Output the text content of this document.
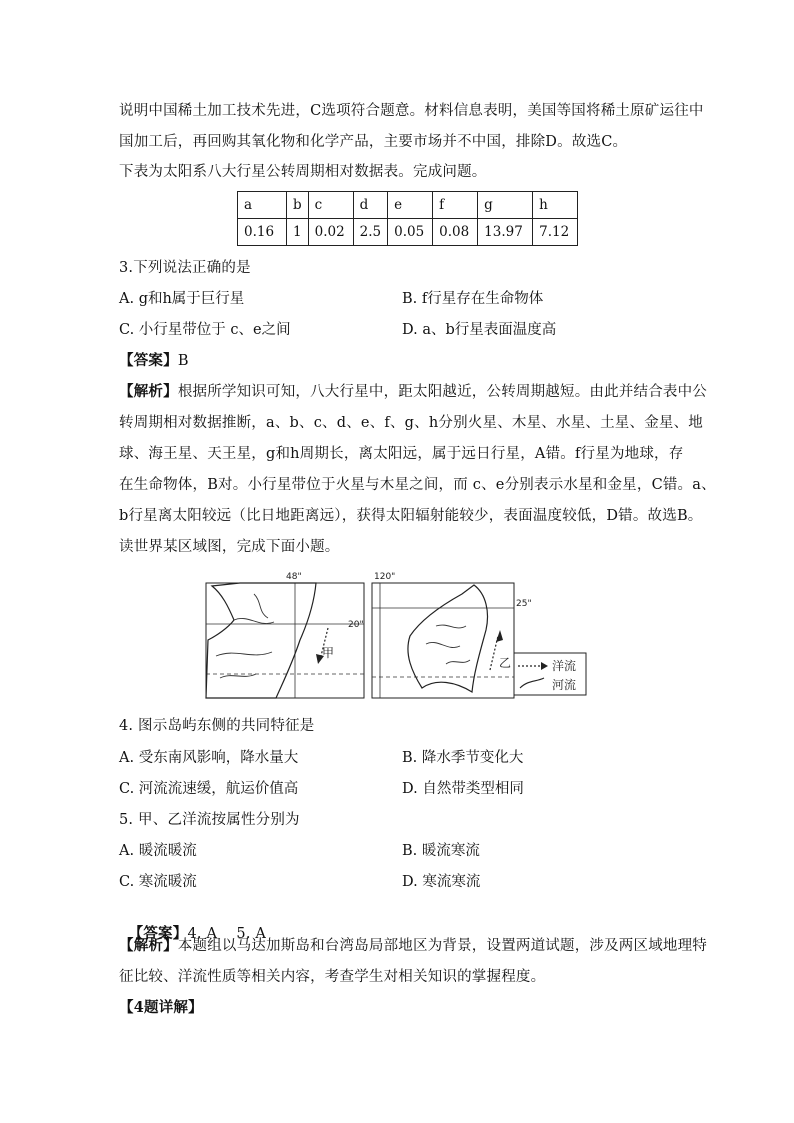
说明中国稀土加工技术先进，C选项符合题意。材料信息表明，美国等国将稀土原矿运往中
国加工后，再回购其氧化物和化学产品，主要市场并不中国，排除D。故选C。
下表为太阳系八大行星公转周期相对数据表。完成问题。
a	b	c	d	e	f	g	h
0.16	1	0.02	2.5	0.05	0.08	13.97	7.12
3.下列说法正确的是
A. g和h属于巨行星	B. f行星存在生命物体
C. 小行星带位于 c、e之间	D. a、b行星表面温度高
【答案】B
【解析】根据所学知识可知，八大行星中，距太阳越近，公转周期越短。由此并结合表中公
转周期相对数据推断，a、b、c、d、e、f、g、h分别火星、木星、水星、土星、金星、地
球、海王星、天王星，g和h周期长，离太阳远，属于远日行星，A错。f行星为地球，存
在生命物体，B对。小行星带位于火星与木星之间，而 c、e分别表示水星和金星，C错。a、
b行星离太阳较远（比日地距离远），获得太阳辐射能较少，表面温度较低，D错。故选B。
读世界某区域图，完成下面小题。
48"
20"
甲
120"
25"
乙	洋流
河流
4. 图示岛屿东侧的共同特征是
A. 受东南风影响，降水量大	B. 降水季节变化大
C. 河流流速缓，航运价值高	D. 自然带类型相同
5. 甲、乙洋流按属性分别为
A. 暖流暖流	B. 暖流寒流
C. 寒流暖流	D. 寒流寒流

【答案】4. A    5. A

【解析】本题组以马达加斯岛和台湾岛局部地区为背景，设置两道试题，涉及两区域地理特
征比较、洋流性质等相关内容，考查学生对相关知识的掌握程度。
【4题详解】
